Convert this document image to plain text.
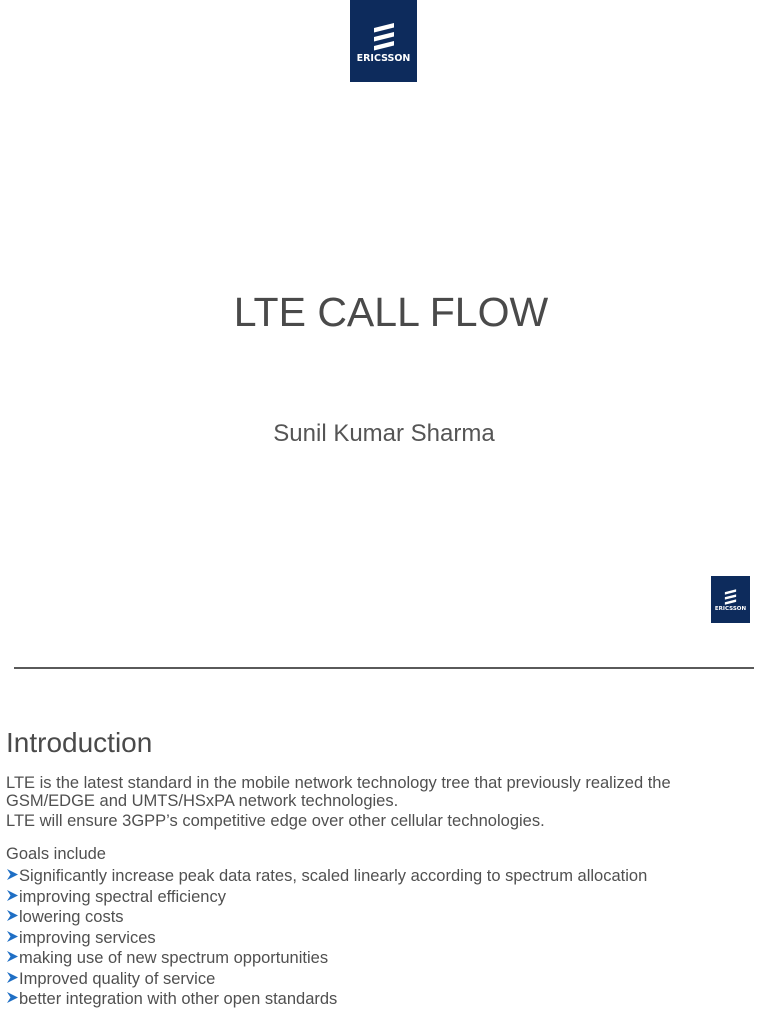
ERICSSON
LTE CALL FLOW

Sunil Kumar Sharma

ERICSSON
Introduction

LTE is the latest standard in the mobile network technology tree that previously realized the GSM/EDGE and UMTS/HSxPA network technologies.

LTE will ensure 3GPP’s competitive edge over other cellular technologies.

Goals include

Significantly increase peak data rates, scaled linearly according to spectrum allocation
improving spectral efficiency
lowering costs
improving services
making use of new spectrum opportunities
Improved quality of service
better integration with other open standards
